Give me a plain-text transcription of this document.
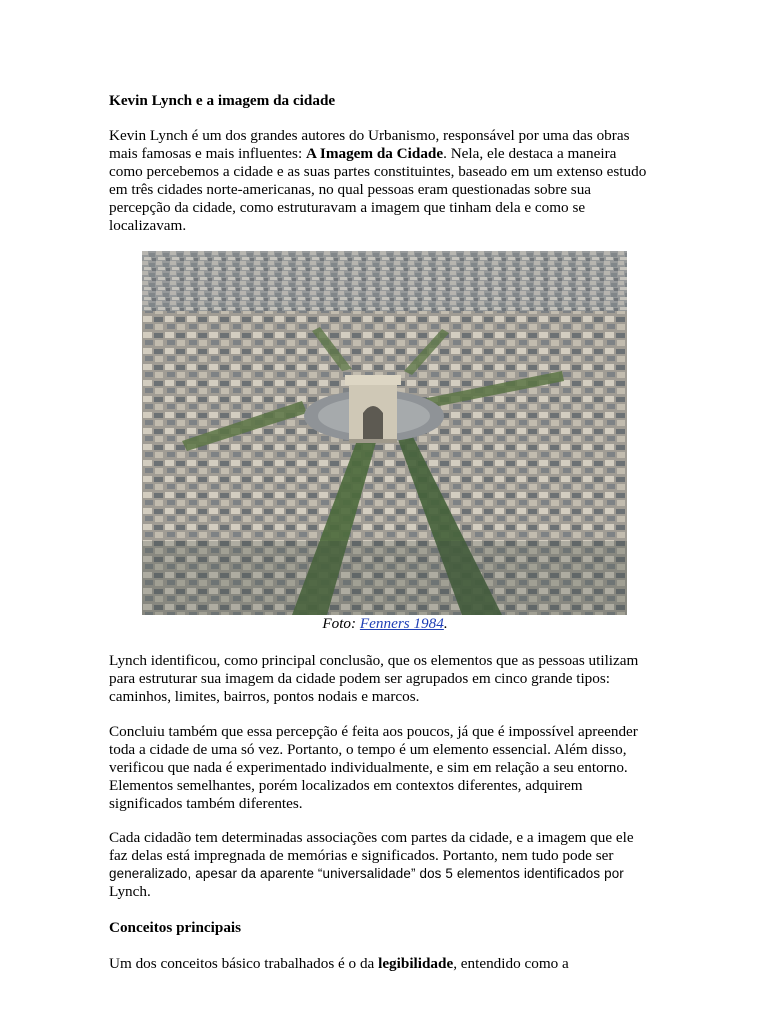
Kevin Lynch e a imagem da cidade

Kevin Lynch é um dos grandes autores do Urbanismo, responsável por uma das obras
mais famosas e mais influentes: A Imagem da Cidade. Nela, ele destaca a maneira
como percebemos a cidade e as suas partes constituintes, baseado em um extenso estudo
em três cidades norte-americanas, no qual pessoas eram questionadas sobre sua
percepção da cidade, como estruturavam a imagem que tinham dela e como se
localizavam.

Foto: Fenners 1984.

Lynch identificou, como principal conclusão, que os elementos que as pessoas utilizam
para estruturar sua imagem da cidade podem ser agrupados em cinco grande tipos:
caminhos, limites, bairros, pontos nodais e marcos.

Concluiu também que essa percepção é feita aos poucos, já que é impossível apreender
toda a cidade de uma só vez. Portanto, o tempo é um elemento essencial. Além disso,
verificou que nada é experimentado individualmente, e sim em relação a seu entorno.
Elementos semelhantes, porém localizados em contextos diferentes, adquirem
significados também diferentes.

Cada cidadão tem determinadas associações com partes da cidade, e a imagem que ele
faz delas está impregnada de memórias e significados. Portanto, nem tudo pode ser
generalizado, apesar da aparente “universalidade” dos 5 elementos identificados por
Lynch.

Conceitos principais

Um dos conceitos básico trabalhados é o da legibilidade, entendido como a
